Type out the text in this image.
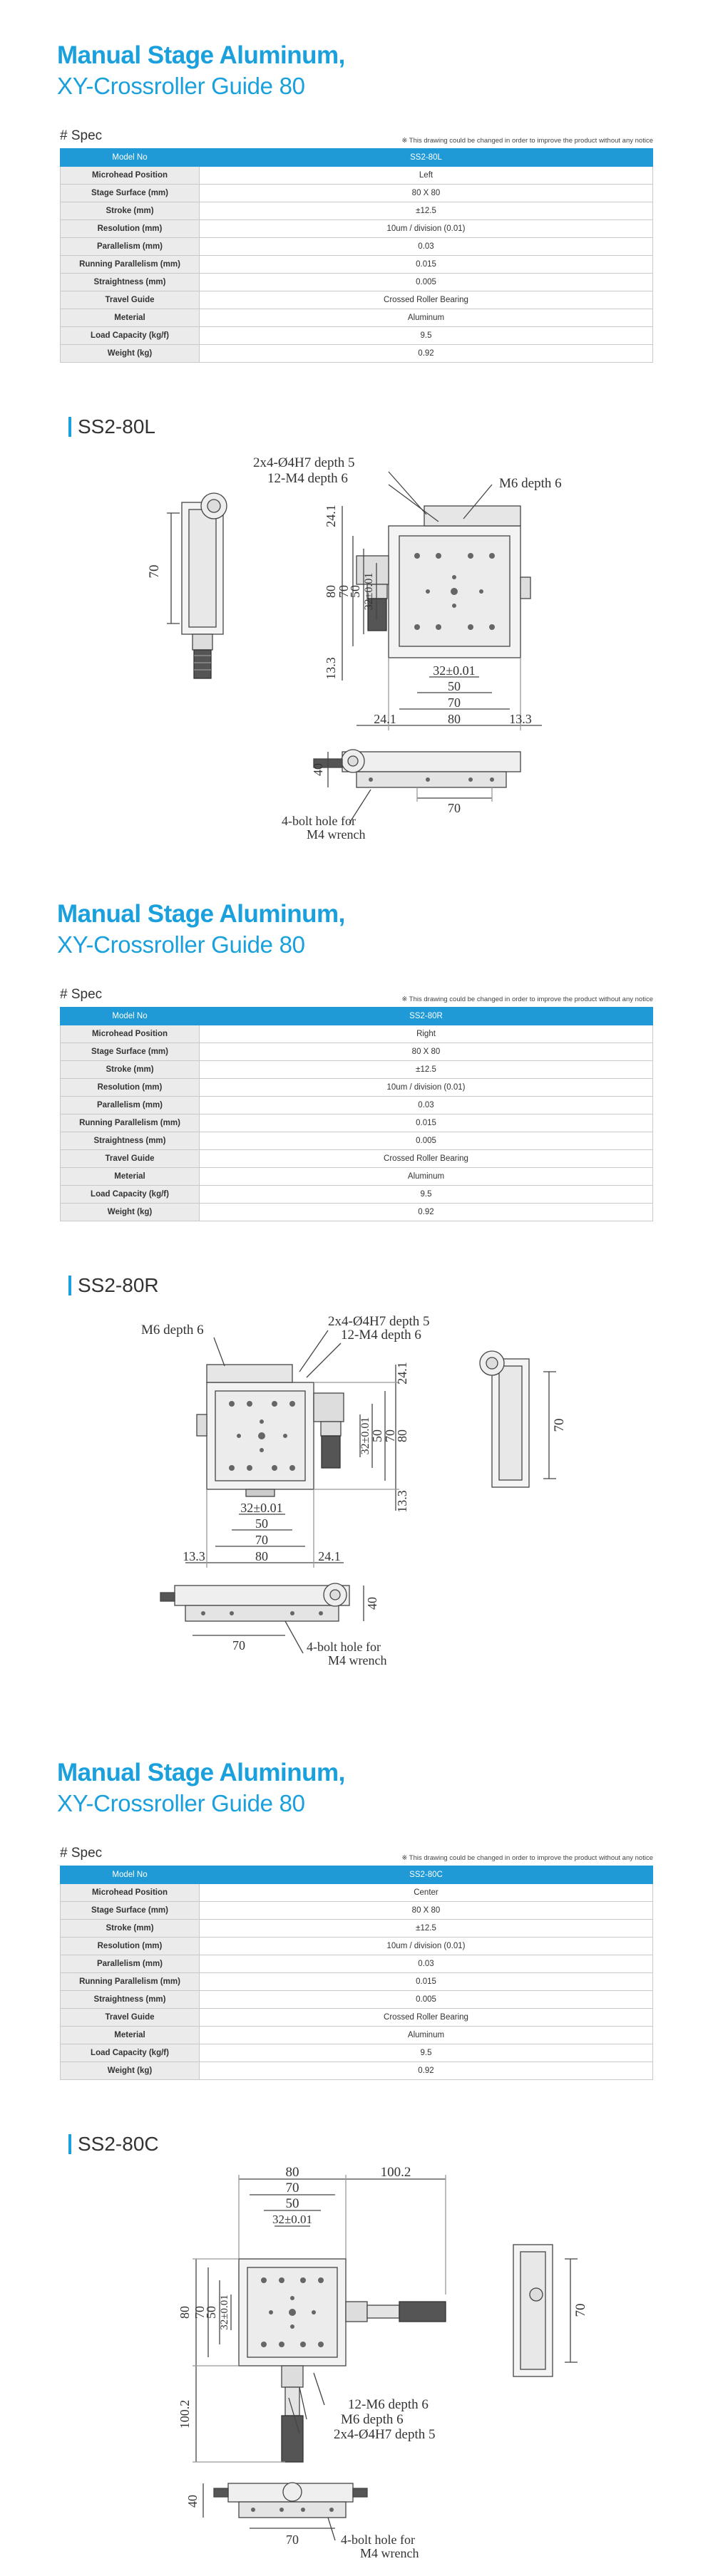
Manual Stage Aluminum,
XY-Crossroller Guide 80
# Spec	※ This drawing could be changed in order to improve the product without any notice
Model No	SS2-80L
Microhead Position	Left
Stage Surface (mm)	80 X 80
Stroke (mm)	±12.5
Resolution (mm)	10um / division (0.01)
Parallelism (mm)	0.03
Running Parallelism (mm)	0.015
Straightness (mm)	0.005
Travel Guide	Crossed Roller Bearing
Meterial	Aluminum
Load Capacity (kg/f)	9.5
Weight (kg)	0.92
SS2-80L
2x4-Ø4H7 depth 5
12-M4 depth 6	M6 depth 6
70
24.1
80
70
50 32±0.01
13.3	32±0.01
50
70
24.1	80	13.3
40
70
4-bolt hole for
M4 wrench
Manual Stage Aluminum,
XY-Crossroller Guide 80
# Spec	※ This drawing could be changed in order to improve the product without any notice
Model No	SS2-80R
Microhead Position	Right
Stage Surface (mm)	80 X 80
Stroke (mm)	±12.5
Resolution (mm)	10um / division (0.01)
Parallelism (mm)	0.03
Running Parallelism (mm)	0.015
Straightness (mm)	0.005
Travel Guide	Crossed Roller Bearing
Meterial	Aluminum
Load Capacity (kg/f)	9.5
Weight (kg)	0.92
SS2-80R
2x4-Ø4H7 depth 5
12-M4 depth 6
M6 depth 6
24.1
80
70
50
32±0.01
13.3
70
32±0.01
50
70
13.3	80	24.1
40
70	4-bolt hole for
M4 wrench
Manual Stage Aluminum,
XY-Crossroller Guide 80
# Spec	※ This drawing could be changed in order to improve the product without any notice
Model No	SS2-80C
Microhead Position	Center
Stage Surface (mm)	80 X 80
Stroke (mm)	±12.5
Resolution (mm)	10um / division (0.01)
Parallelism (mm)	0.03
Running Parallelism (mm)	0.015
Straightness (mm)	0.005
Travel Guide	Crossed Roller Bearing
Meterial	Aluminum
Load Capacity (kg/f)	9.5
Weight (kg)	0.92
SS2-80C
80	100.2
70
50
32±0.01
80 70
50 32±0.01
100.2
70
12-M6 depth 6
M6 depth 6
2x4-Ø4H7 depth 5
40
70	4-bolt hole for
M4 wrench
